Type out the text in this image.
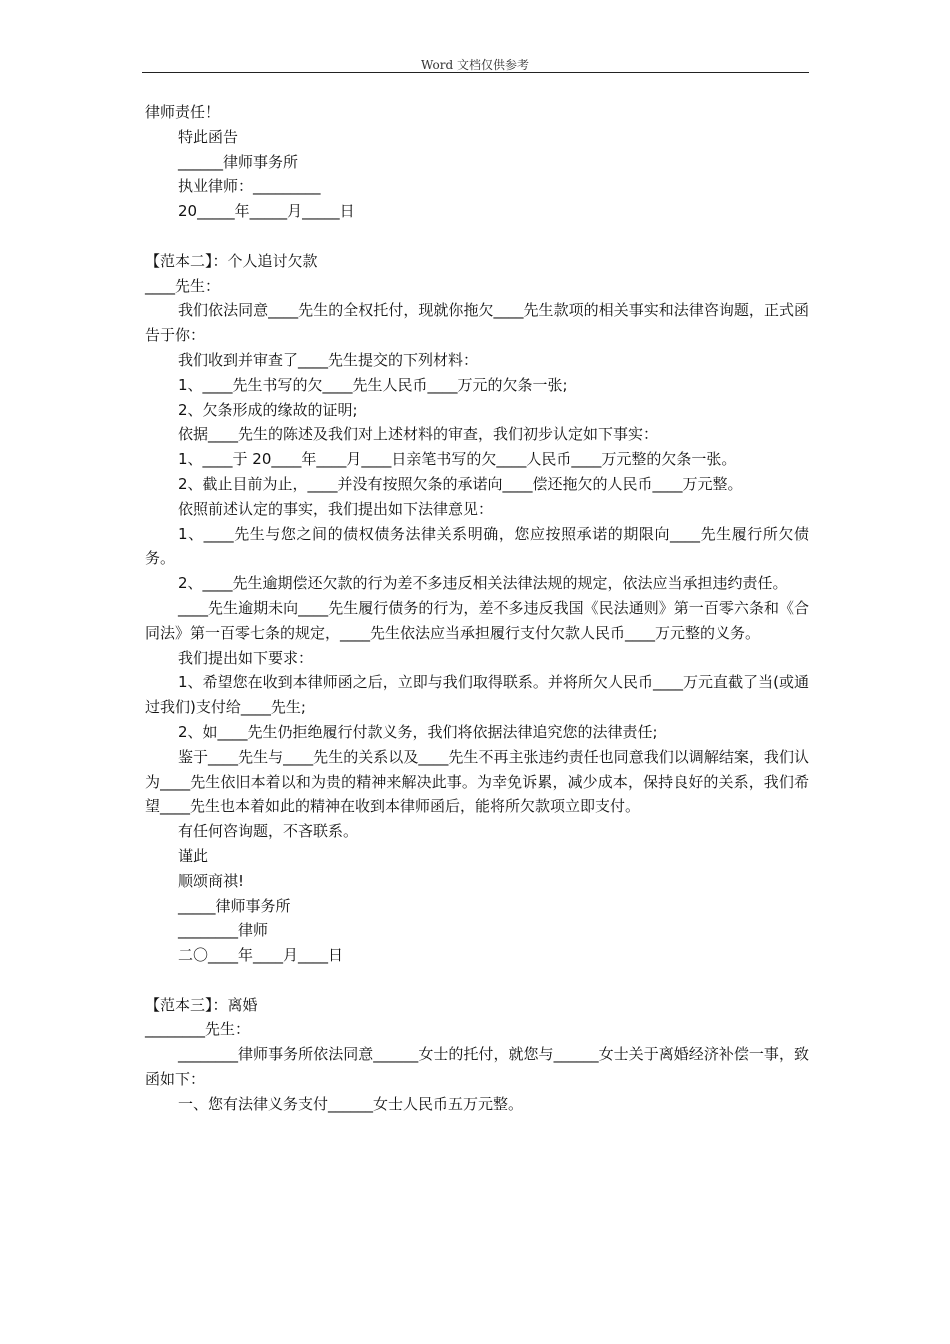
Word 文档仅供参考

律师责任！

特此函告

______律师事务所

执业律师：_________

20_____年_____月_____日

【范本二】：个人追讨欠款

____先生：

我们依法同意____先生的全权托付，现就你拖欠____先生款项的相关事实和法律咨询题，正式函告于你：

我们收到并审查了____先生提交的下列材料：

1、____先生书写的欠____先生人民币____万元的欠条一张;

2、欠条形成的缘故的证明;

依据____先生的陈述及我们对上述材料的审查，我们初步认定如下事实：

1、____于 20____年____月____日亲笔书写的欠____人民币____万元整的欠条一张。

2、截止目前为止，____并没有按照欠条的承诺向____偿还拖欠的人民币____万元整。

依照前述认定的事实，我们提出如下法律意见：

1、____先生与您之间的债权债务法律关系明确，您应按照承诺的期限向____先生履行所欠债务。

2、____先生逾期偿还欠款的行为差不多违反相关法律法规的规定，依法应当承担违约责任。

____先生逾期未向____先生履行债务的行为，差不多违反我国《民法通则》第一百零六条和《合同法》第一百零七条的规定，____先生依法应当承担履行支付欠款人民币____万元整的义务。

我们提出如下要求：

1、希望您在收到本律师函之后，立即与我们取得联系。并将所欠人民币____万元直截了当(或通过我们)支付给____先生;

2、如____先生仍拒绝履行付款义务，我们将依据法律追究您的法律责任;

鉴于____先生与____先生的关系以及____先生不再主张违约责任也同意我们以调解结案，我们认为____先生依旧本着以和为贵的精神来解决此事。为幸免诉累，减少成本，保持良好的关系，我们希望____先生也本着如此的精神在收到本律师函后，能将所欠款项立即支付。

有任何咨询题，不吝联系。

谨此

顺颂商祺!

_____律师事务所

________律师

二〇____年____月____日

【范本三】：离婚

________先生：

________律师事务所依法同意______女士的托付，就您与______女士关于离婚经济补偿一事，致函如下：

一、您有法律义务支付______女士人民币五万元整。
